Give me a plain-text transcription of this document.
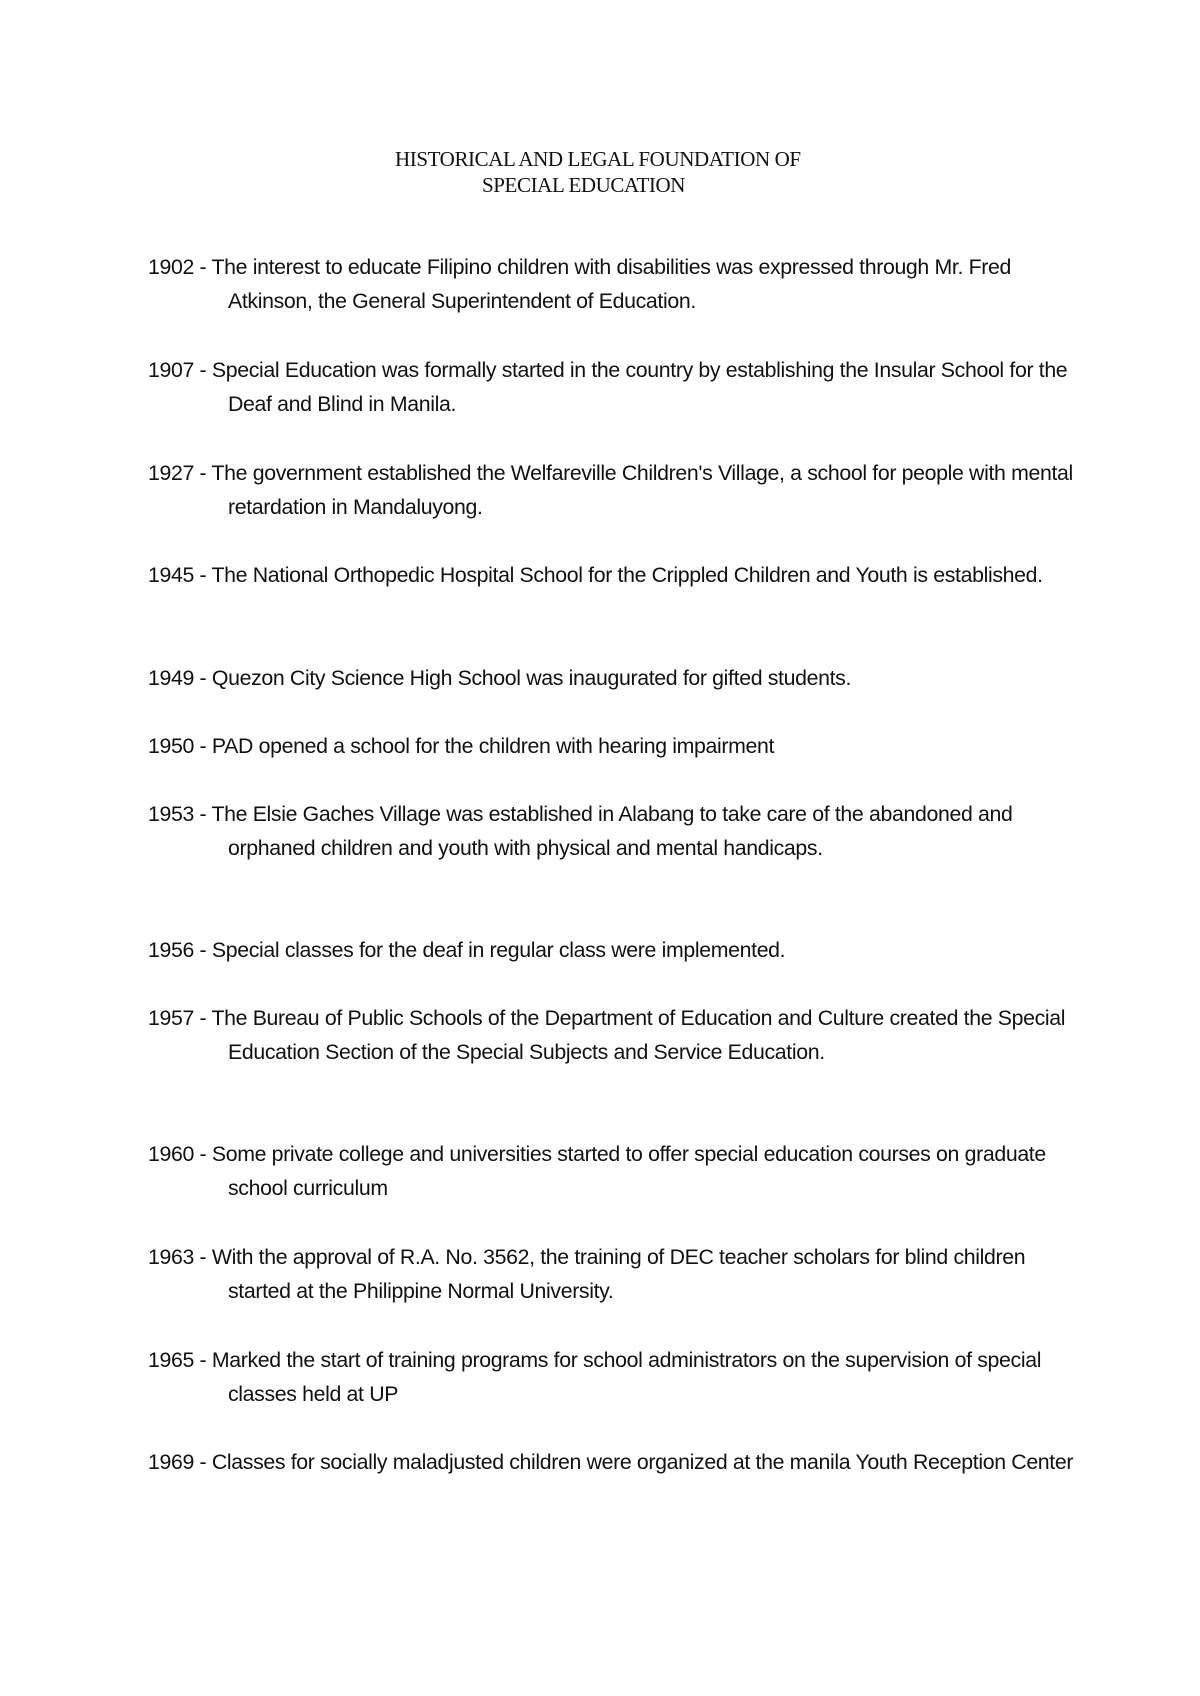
HISTORICAL AND LEGAL FOUNDATION OF
SPECIAL EDUCATION
1902 - The interest to educate Filipino children with disabilities was expressed through Mr. Fred Atkinson, the General Superintendent of Education.
1907 - Special Education was formally started in the country by establishing the Insular School for the Deaf and Blind in Manila.
1927 - The government established the Welfareville Children's Village, a school for people with mental retardation in Mandaluyong.
1945 - The National Orthopedic Hospital School for the Crippled Children and Youth is established.
1949 - Quezon City Science High School was inaugurated for gifted students.
1950 - PAD opened a school for the children with hearing impairment
1953 - The Elsie Gaches Village was established in Alabang to take care of the abandoned and orphaned children and youth with physical and mental handicaps.
1956 - Special classes for the deaf in regular class were implemented.
1957 - The Bureau of Public Schools of the Department of Education and Culture created the Special Education Section of the Special Subjects and Service Education.
1960 - Some private college and universities started to offer special education courses on graduate school curriculum
1963 - With the approval of R.A. No. 3562, the training of DEC teacher scholars for blind children started at the Philippine Normal University.
1965 - Marked the start of training programs for school administrators on the supervision of special classes held at UP
1969 - Classes for socially maladjusted children were organized at the manila Youth Reception Center
